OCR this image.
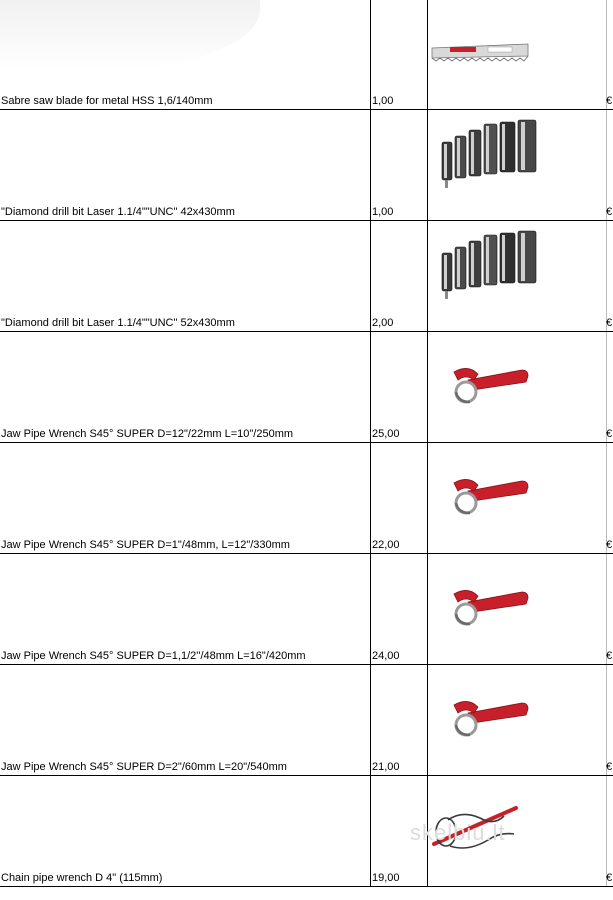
Sabre saw blade for metal HSS 1,6/140mm	1,00	€
"Diamond drill bit Laser 1.1/4""UNC" 42x430mm	1,00	€
"Diamond drill bit Laser 1.1/4""UNC" 52x430mm	2,00	€
Jaw Pipe Wrench S45° SUPER D=12"/22mm L=10"/250mm	25,00	€
Jaw Pipe Wrench S45° SUPER D=1"/48mm, L=12"/330mm	22,00	€
Jaw Pipe Wrench S45° SUPER D=1,1/2''/48mm L=16"/420mm	24,00	€
Jaw Pipe Wrench S45° SUPER D=2"/60mm L=20"/540mm	21,00	€
Chain pipe wrench D 4" (115mm)	19,00	€
skelbiu.lt
